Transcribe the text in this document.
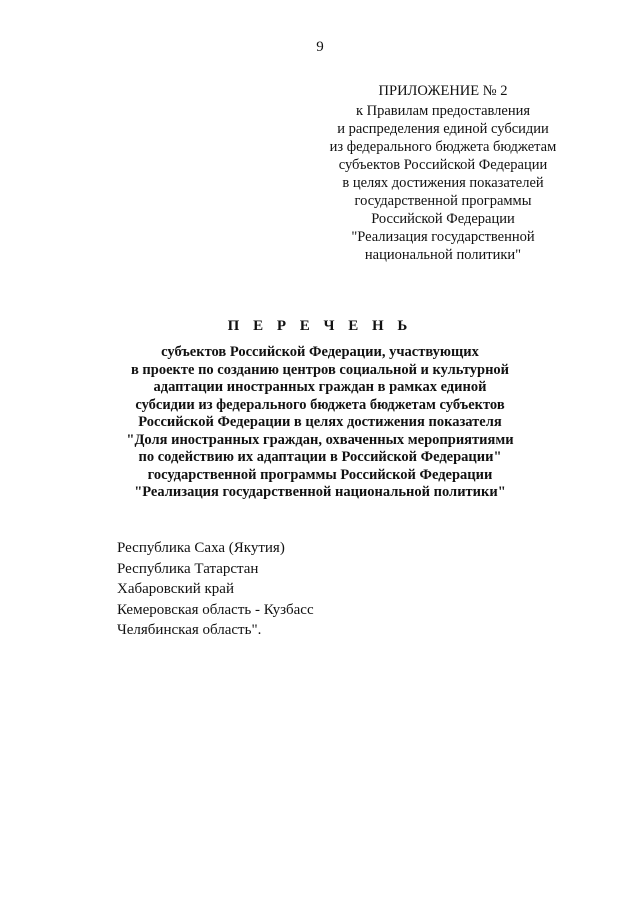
9
ПРИЛОЖЕНИЕ № 2
к Правилам предоставления
и распределения единой субсидии
из федерального бюджета бюджетам
субъектов Российской Федерации
в целях достижения показателей
государственной программы
Российской Федерации
"Реализация государственной
национальной политики"
П Е Р Е Ч Е Н Ь
субъектов Российской Федерации, участвующих
в проекте по созданию центров социальной и культурной
адаптации иностранных граждан в рамках единой
субсидии из федерального бюджета бюджетам субъектов
Российской Федерации в целях достижения показателя
"Доля иностранных граждан, охваченных мероприятиями
по содействию их адаптации в Российской Федерации"
государственной программы Российской Федерации
"Реализация государственной национальной политики"
Республика Саха (Якутия)
Республика Татарстан
Хабаровский край
Кемеровская область - Кузбасс
Челябинская область".
